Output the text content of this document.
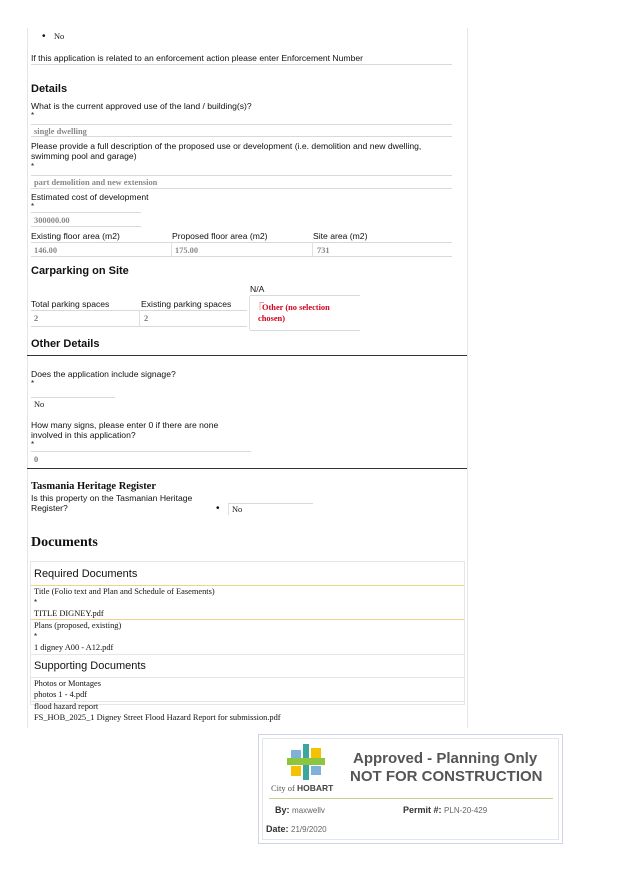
• No
If this application is related to an enforcement action please enter Enforcement Number
Details
What is the current approved use of the land / building(s)?
*
single dwelling
Please provide a full description of the proposed use or development (i.e. demolition and new dwelling, swimming pool and garage)
*
part demolition and new extension
Estimated cost of development
*
300000.00
Existing floor area (m2)	Proposed floor area (m2)	Site area (m2)
146.00	175.00	731
Carparking on Site
N/A
Total parking spaces	Existing parking spaces
2	2
⎾
Other (no selection chosen)
Other Details
Does the application include signage?
*
No
How many signs, please enter 0 if there are none involved in this application?
*
0
Tasmania Heritage Register
Is this property on the Tasmanian Heritage Register?	• No
Documents
Required Documents
Title (Folio text and Plan and Schedule of Easements)
*
TITLE DIGNEY.pdf
Plans (proposed, existing)
*
1 digney A00 - A12.pdf
Supporting Documents
Photos or Montages
photos 1 - 4.pdf
flood hazard report
FS_HOB_2025_1 Digney Street Flood Hazard Report for submission.pdf
City of HOBART
Approved - Planning Only
NOT FOR CONSTRUCTION
By: maxwellv	Permit #: PLN-20-429
Date: 21/9/2020
